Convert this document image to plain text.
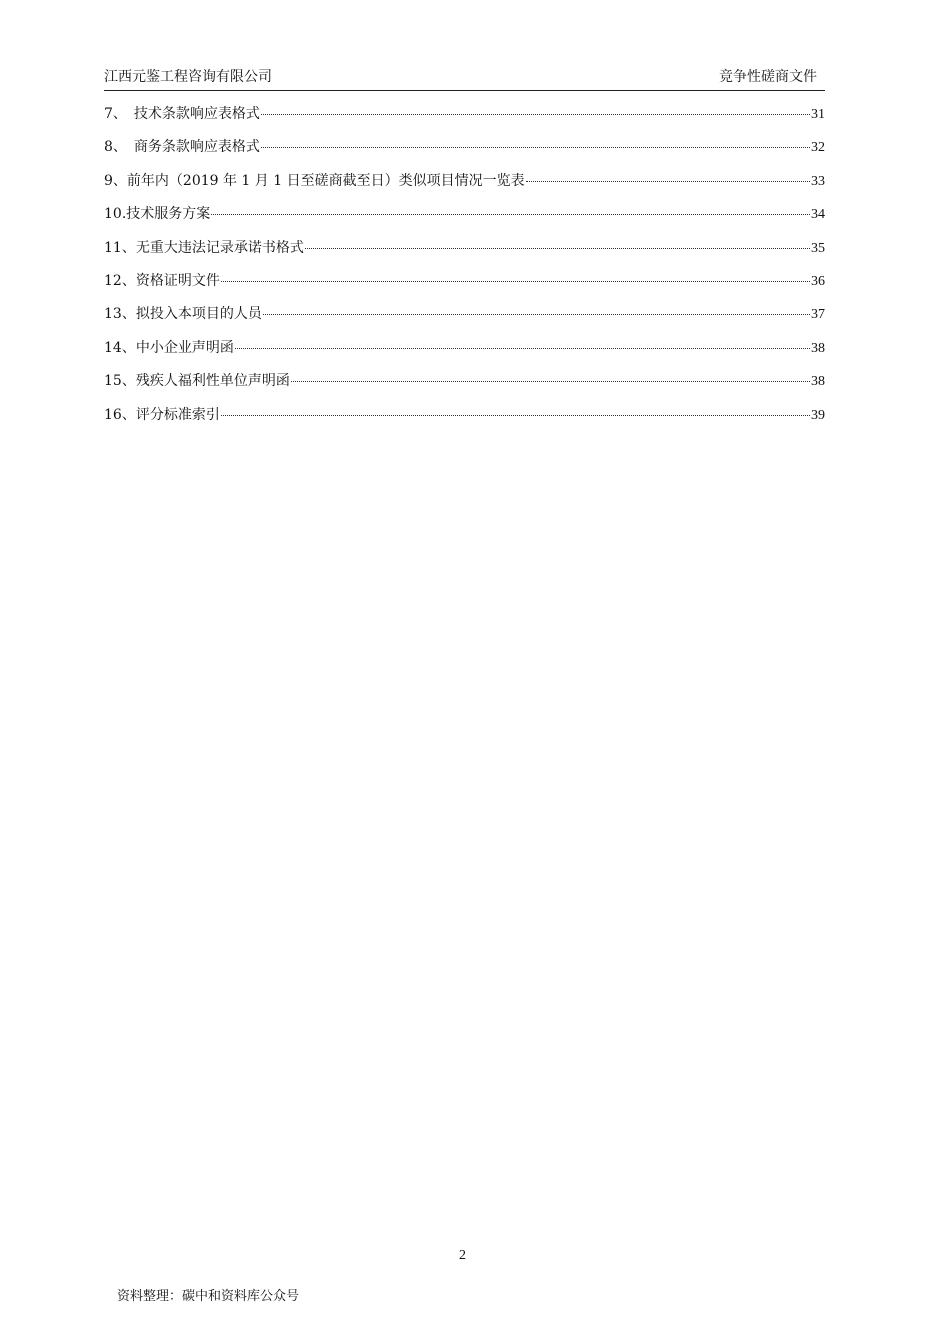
江西元鉴工程咨询有限公司	竞争性磋商文件
7、　技术条款响应表格式	31
8、　商务条款响应表格式	32
9、前年内（2019 年 1 月 1 日至磋商截至日）类似项目情况一览表	33
10.技术服务方案	34
11、无重大违法记录承诺书格式	35
12、资格证明文件	36
13、拟投入本项目的人员	37
14、中小企业声明函	38
15、残疾人福利性单位声明函	38
16、评分标准索引	39
2
资料整理：碳中和资料库公众号
